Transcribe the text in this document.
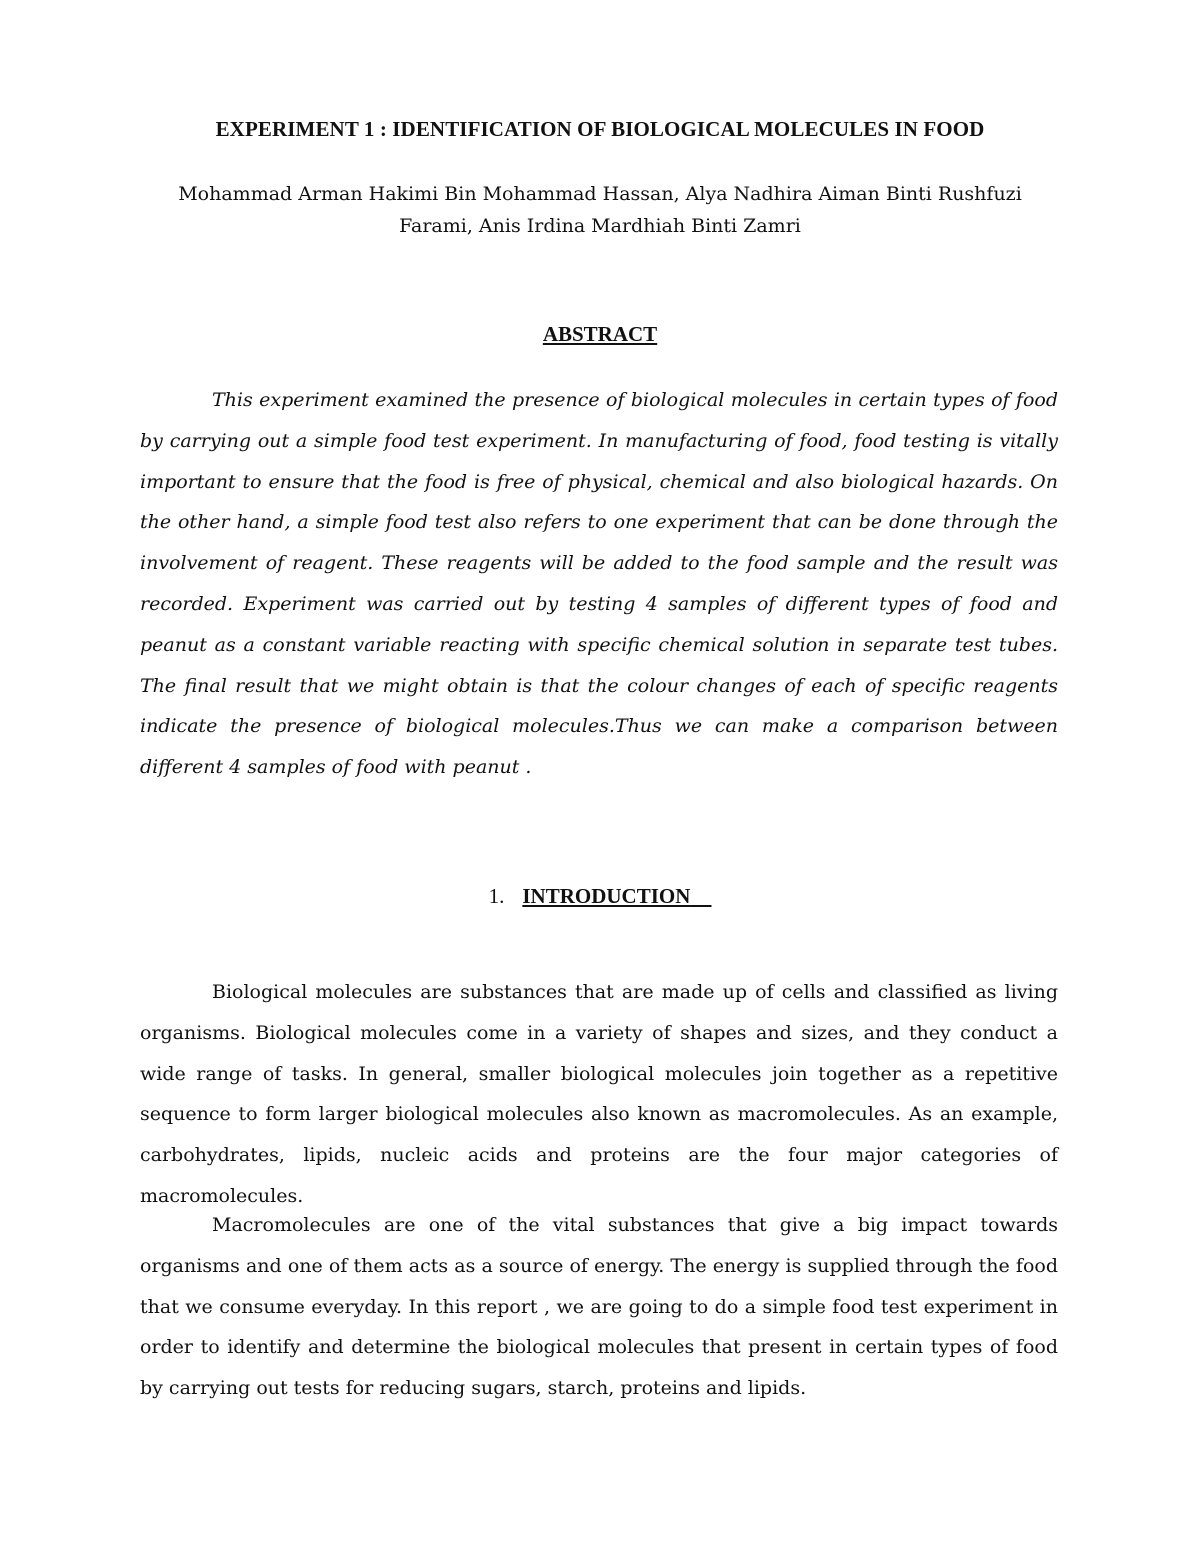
EXPERIMENT 1 : IDENTIFICATION OF BIOLOGICAL MOLECULES IN FOOD
Mohammad Arman Hakimi Bin Mohammad Hassan, Alya Nadhira Aiman Binti Rushfuzi Farami, Anis Irdina Mardhiah Binti Zamri
ABSTRACT

This experiment examined the presence of biological molecules in certain types of food by carrying out a simple food test experiment. In manufacturing of food, food testing is vitally important to ensure that the food is free of physical, chemical and also biological hazards. On the other hand, a simple food test also refers to one experiment that can be done through the involvement of reagent. These reagents will be added to the food sample and the result was recorded. Experiment was carried out by testing 4 samples of different types of food and peanut as a constant variable reacting with specific chemical solution in separate test tubes. The final result that we might obtain is that the colour changes of each of specific reagents indicate the presence of biological molecules.Thus we can make a comparison between different 4 samples of food with peanut .

1. INTRODUCTION

Biological molecules are substances that are made up of cells and classified as living organisms. Biological molecules come in a variety of shapes and sizes, and they conduct a wide range of tasks. In general, smaller biological molecules join together as a repetitive sequence to form larger biological molecules also known as macromolecules. As an example, carbohydrates, lipids, nucleic acids and proteins are the four major categories of macromolecules.

Macromolecules are one of the vital substances that give a big impact towards organisms and one of them acts as a source of energy. The energy is supplied through the food that we consume everyday. In this report , we are going to do a simple food test experiment in order to identify and determine the biological molecules that present in certain types of food by carrying out tests for reducing sugars, starch, proteins and lipids.
